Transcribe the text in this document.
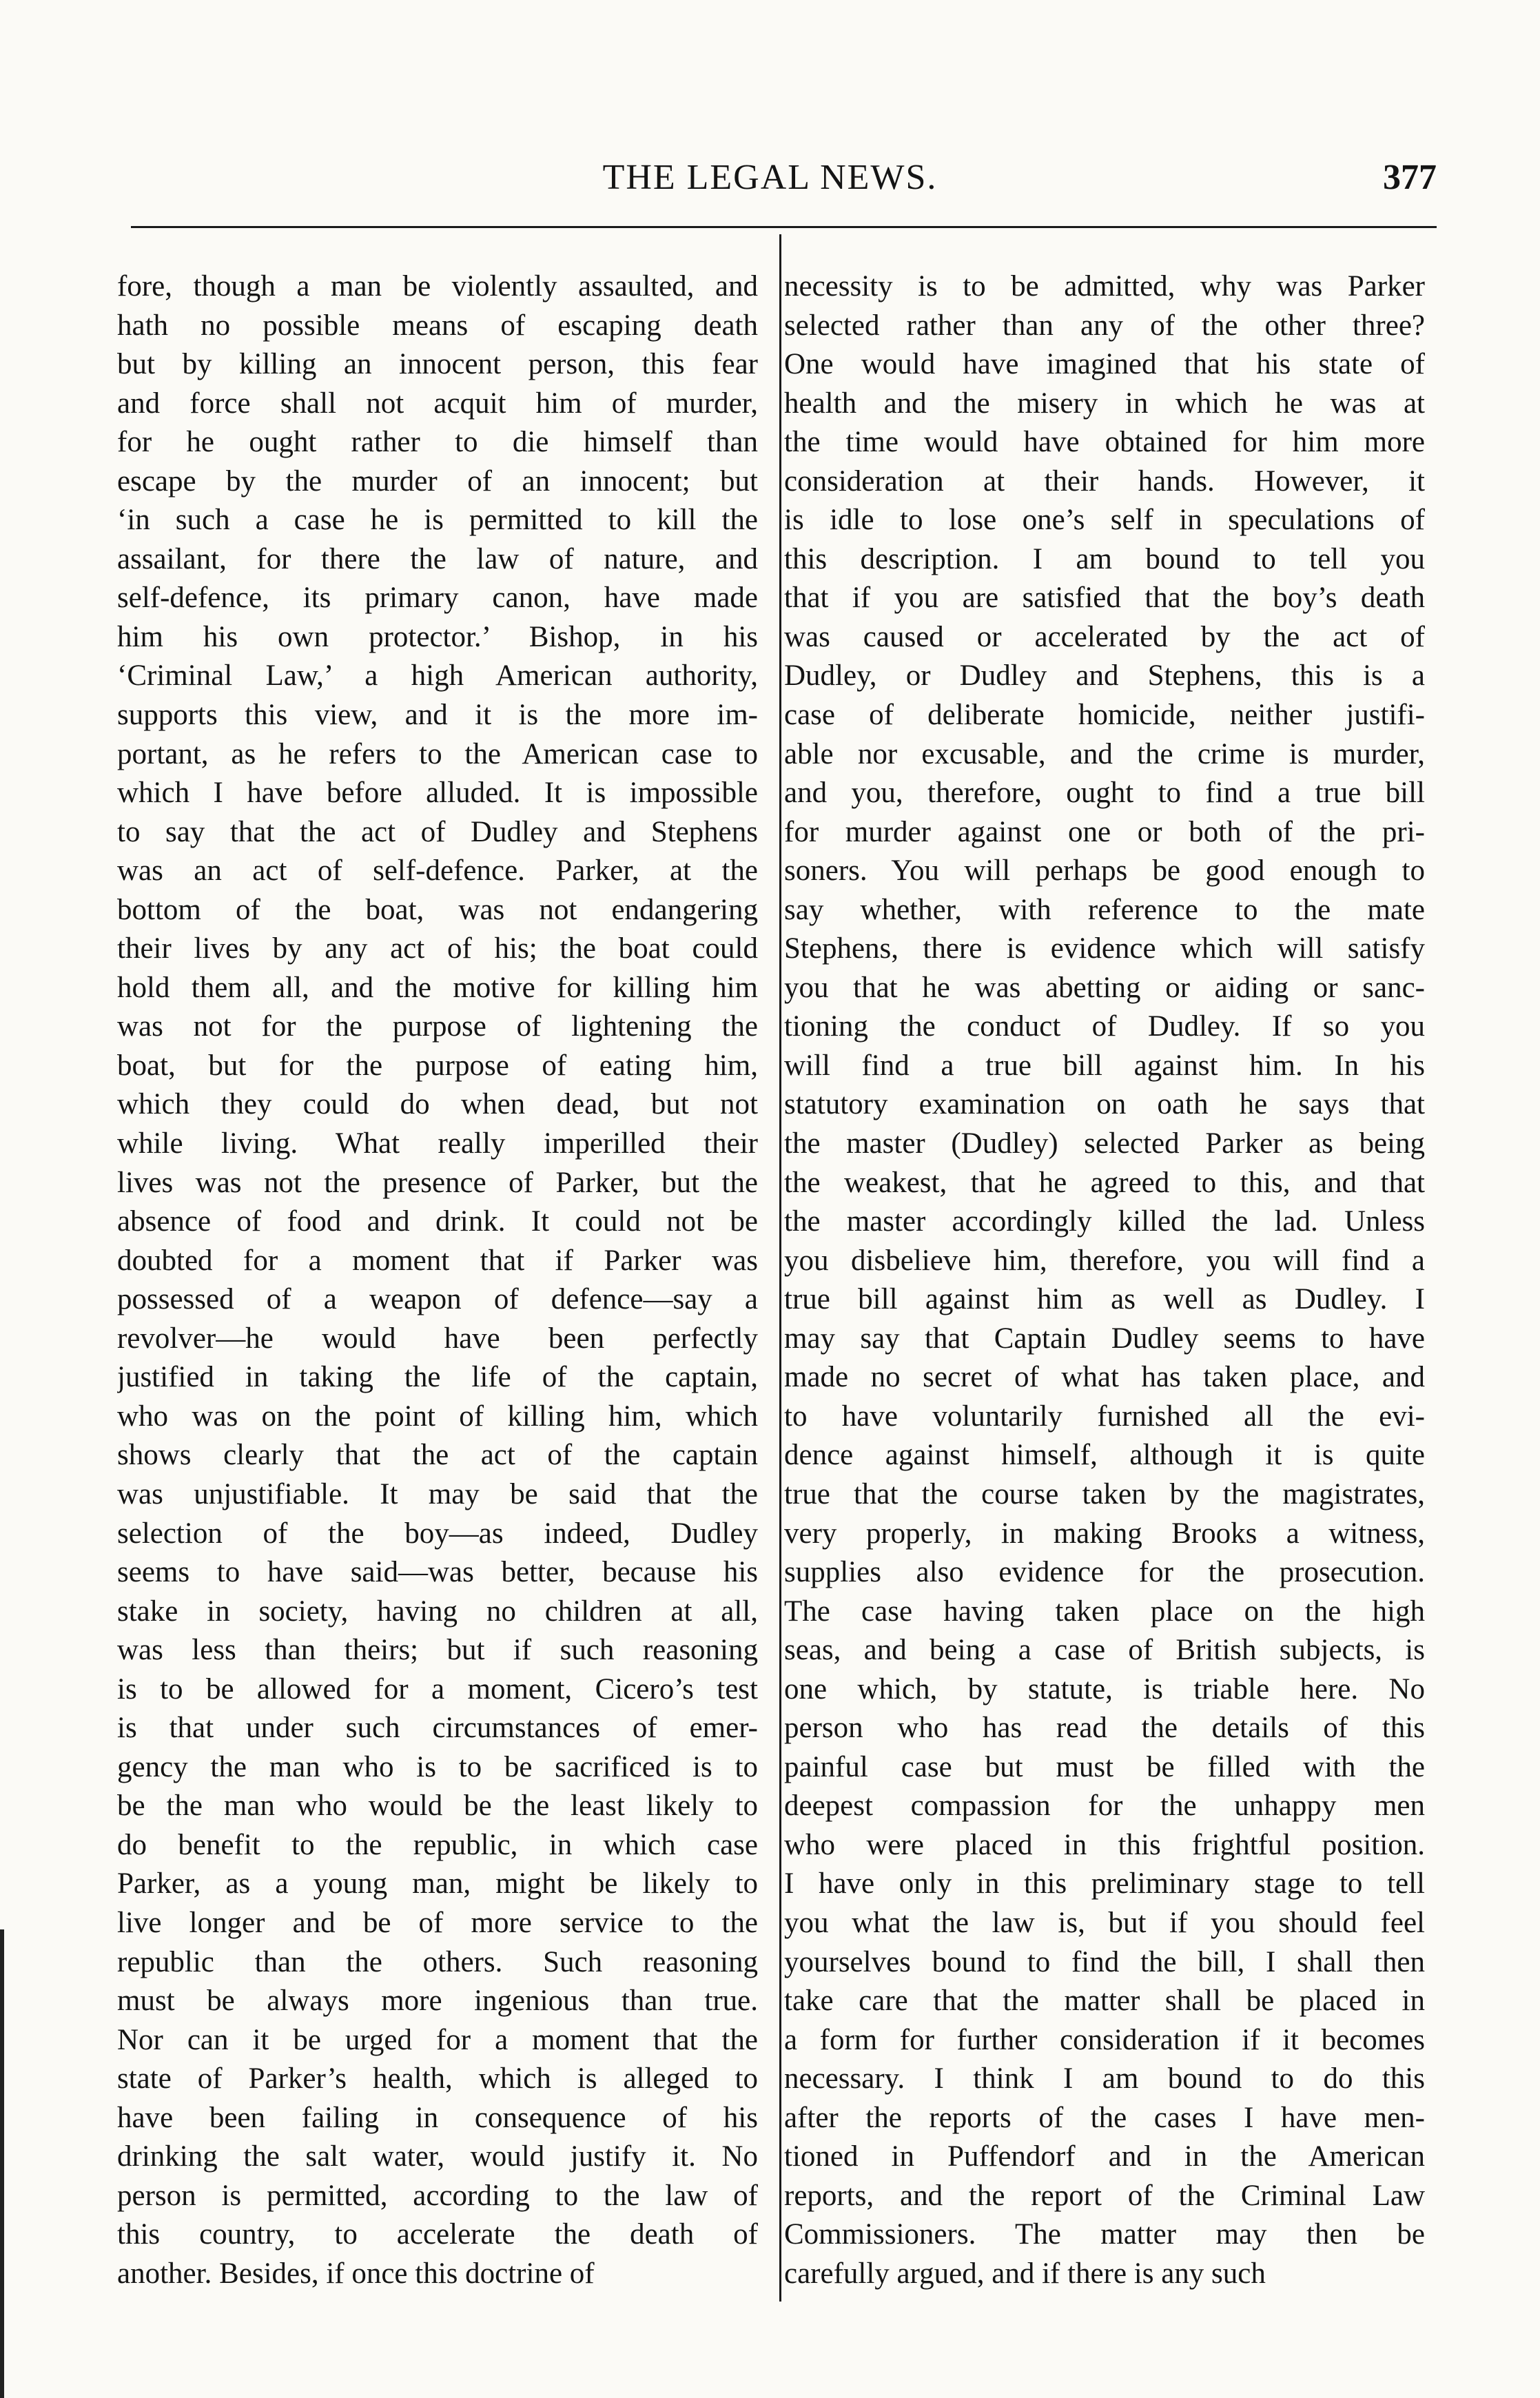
THE LEGAL NEWS.	377
fore, though a man be violently assaulted, and
hath no possible means of escaping death
but by killing an innocent person, this fear
and force shall not acquit him of murder,
for he ought rather to die himself than
escape by the murder of an innocent; but
‘in such a case he is permitted to kill the
assailant, for there the law of nature, and
self-defence, its primary canon, have made
him his own protector.’ Bishop, in his
‘Criminal Law,’ a high American authority,
supports this view, and it is the more im-
portant, as he refers to the American case to
which I have before alluded. It is impossible
to say that the act of Dudley and Stephens
was an act of self-defence. Parker, at the
bottom of the boat, was not endangering
their lives by any act of his; the boat could
hold them all, and the motive for killing him
was not for the purpose of lightening the
boat, but for the purpose of eating him,
which they could do when dead, but not
while living. What really imperilled their
lives was not the presence of Parker, but the
absence of food and drink. It could not be
doubted for a moment that if Parker was
possessed of a weapon of defence—say a
revolver—he would have been perfectly
justified in taking the life of the captain,
who was on the point of killing him, which
shows clearly that the act of the captain
was unjustifiable. It may be said that the
selection of the boy—as indeed, Dudley
seems to have said—was better, because his
stake in society, having no children at all,
was less than theirs; but if such reasoning
is to be allowed for a moment, Cicero’s test
is that under such circumstances of emer-
gency the man who is to be sacrificed is to
be the man who would be the least likely to
do benefit to the republic, in which case
Parker, as a young man, might be likely to
live longer and be of more service to the
republic than the others. Such reasoning
must be always more ingenious than true.
Nor can it be urged for a moment that the
state of Parker’s health, which is alleged to
have been failing in consequence of his
drinking the salt water, would justify it. No
person is permitted, according to the law of
this country, to accelerate the death of
another. Besides, if once this doctrine of
necessity is to be admitted, why was Parker
selected rather than any of the other three?
One would have imagined that his state of
health and the misery in which he was at
the time would have obtained for him more
consideration at their hands. However, it
is idle to lose one’s self in speculations of
this description. I am bound to tell you
that if you are satisfied that the boy’s death
was caused or accelerated by the act of
Dudley, or Dudley and Stephens, this is a
case of deliberate homicide, neither justifi-
able nor excusable, and the crime is murder,
and you, therefore, ought to find a true bill
for murder against one or both of the pri-
soners. You will perhaps be good enough to
say whether, with reference to the mate
Stephens, there is evidence which will satisfy
you that he was abetting or aiding or sanc-
tioning the conduct of Dudley. If so you
will find a true bill against him. In his
statutory examination on oath he says that
the master (Dudley) selected Parker as being
the weakest, that he agreed to this, and that
the master accordingly killed the lad. Unless
you disbelieve him, therefore, you will find a
true bill against him as well as Dudley. I
may say that Captain Dudley seems to have
made no secret of what has taken place, and
to have voluntarily furnished all the evi-
dence against himself, although it is quite
true that the course taken by the magistrates,
very properly, in making Brooks a witness,
supplies also evidence for the prosecution.
The case having taken place on the high
seas, and being a case of British subjects, is
one which, by statute, is triable here. No
person who has read the details of this
painful case but must be filled with the
deepest compassion for the unhappy men
who were placed in this frightful position.
I have only in this preliminary stage to tell
you what the law is, but if you should feel
yourselves bound to find the bill, I shall then
take care that the matter shall be placed in
a form for further consideration if it becomes
necessary. I think I am bound to do this
after the reports of the cases I have men-
tioned in Puffendorf and in the American
reports, and the report of the Criminal Law
Commissioners. The matter may then be
carefully argued, and if there is any such
